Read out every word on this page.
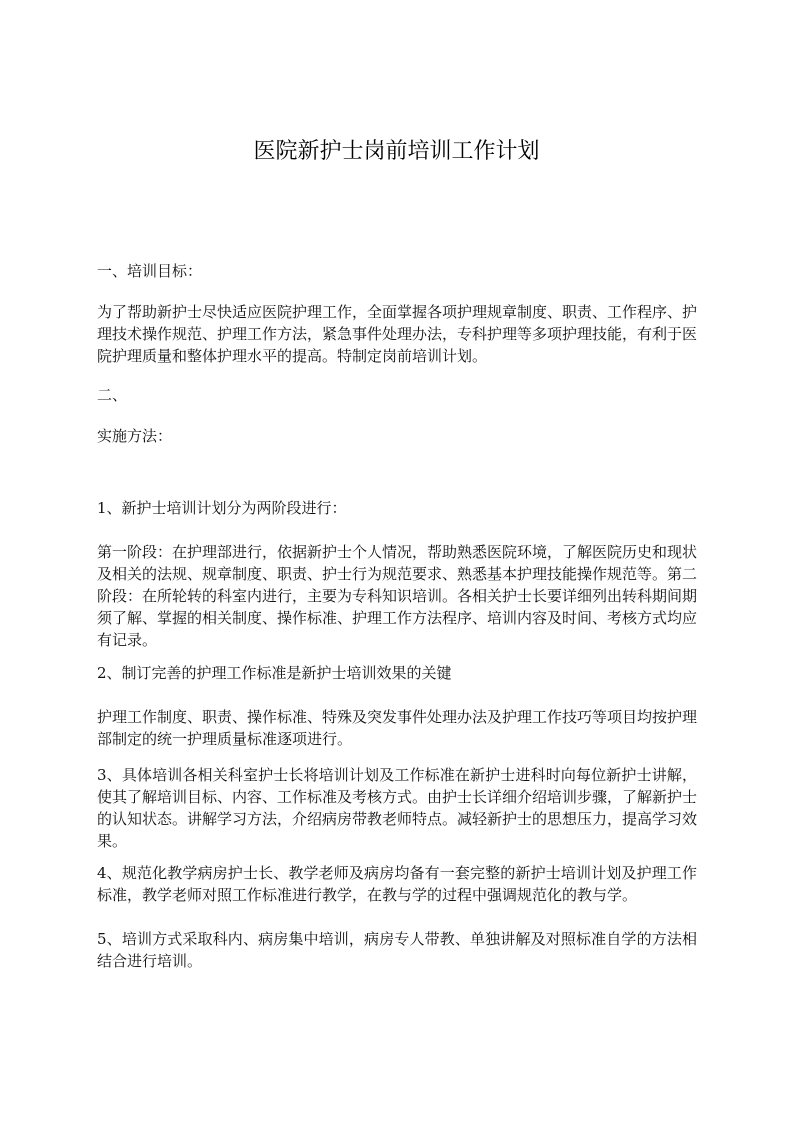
医院新护士岗前培训工作计划

一、培训目标：

为了帮助新护士尽快适应医院护理工作，全面掌握各项护理规章制度、职责、工作程序、护理技术操作规范、护理工作方法，紧急事件处理办法，专科护理等多项护理技能，有利于医院护理质量和整体护理水平的提高。特制定岗前培训计划。

二、

实施方法：

1、新护士培训计划分为两阶段进行：

第一阶段：在护理部进行，依据新护士个人情况，帮助熟悉医院环境，了解医院历史和现状及相关的法规、规章制度、职责、护士行为规范要求、熟悉基本护理技能操作规范等。第二阶段：在所轮转的科室内进行，主要为专科知识培训。各相关护士长要详细列出转科期间期须了解、掌握的相关制度、操作标准、护理工作方法程序、培训内容及时间、考核方式均应有记录。

2、制订完善的护理工作标准是新护士培训效果的关键

护理工作制度、职责、操作标准、特殊及突发事件处理办法及护理工作技巧等项目均按护理部制定的统一护理质量标准逐项进行。

3、具体培训各相关科室护士长将培训计划及工作标准在新护士进科时向每位新护士讲解，使其了解培训目标、内容、工作标准及考核方式。由护士长详细介绍培训步骤，了解新护士的认知状态。讲解学习方法，介绍病房带教老师特点。减轻新护士的思想压力，提高学习效果。

4、规范化教学病房护士长、教学老师及病房均备有一套完整的新护士培训计划及护理工作标准，教学老师对照工作标准进行教学，在教与学的过程中强调规范化的教与学。

5、培训方式采取科内、病房集中培训，病房专人带教、单独讲解及对照标准自学的方法相结合进行培训。
